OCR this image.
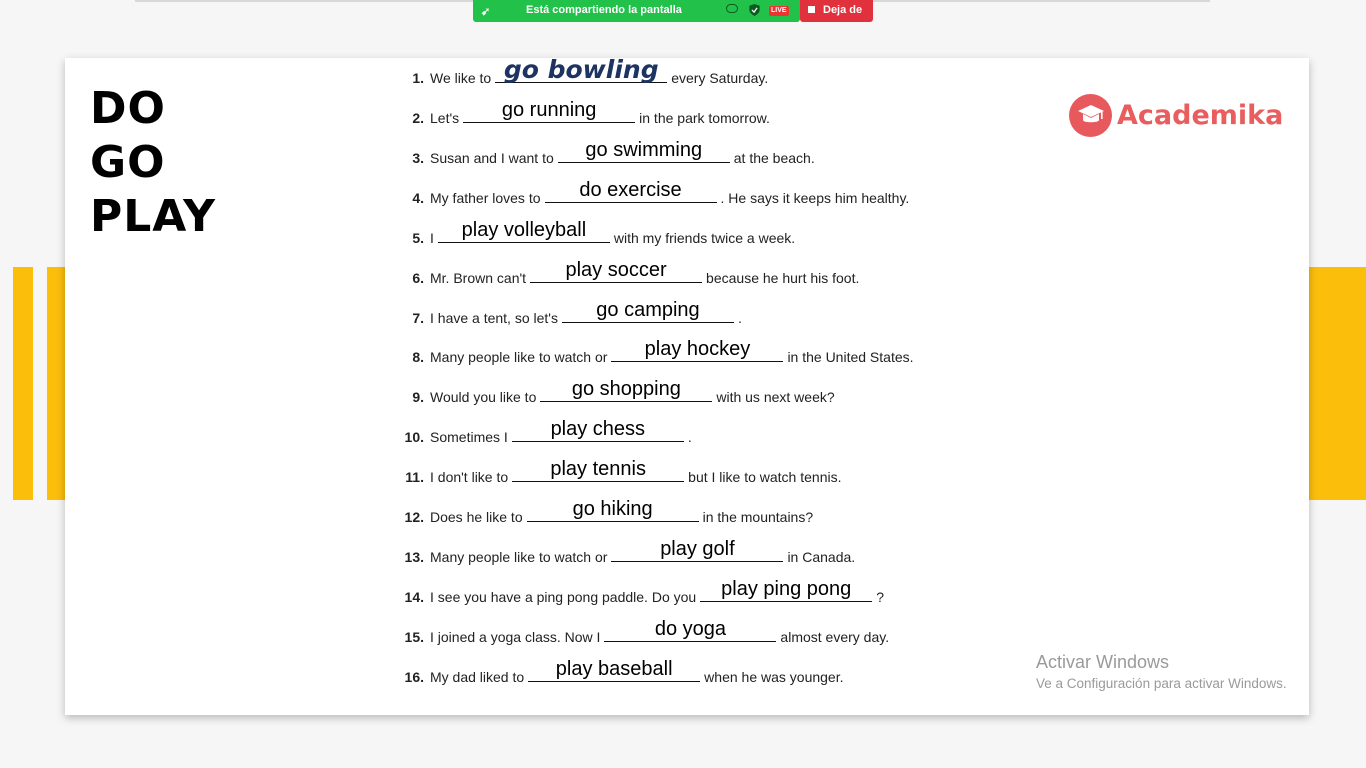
➹	Está compartiendo la pantalla	LIVE	Deja de
DO
GO
PLAY
Academika
1. We like to go bowling every Saturday.
2. Let's	go running	in the park tomorrow.
3. Susan and I want to	go swimming	at the beach.
4. My father loves to	do exercise	. He says it keeps him healthy.
5. I	play volleyball	with my friends twice a week.
6. Mr. Brown can't	play soccer	because he hurt his foot.
7. I have a tent, so let's	go camping	.
8. Many people like to watch or	play hockey	in the United States.
9. Would you like to	go shopping	with us next week?
10. Sometimes I	play chess	.
11. I don't like to	play tennis	but I like to watch tennis.
12. Does he like to	go hiking	in the mountains?
13. Many people like to watch or	play golf	in Canada.
14. I see you have a ping pong paddle. Do you	play ping pong	?
15. I joined a yoga class. Now I	do yoga	almost every day.
16. My dad liked to	play baseball	when he was younger.
Activar Windows
Ve a Configuración para activar Windows.
